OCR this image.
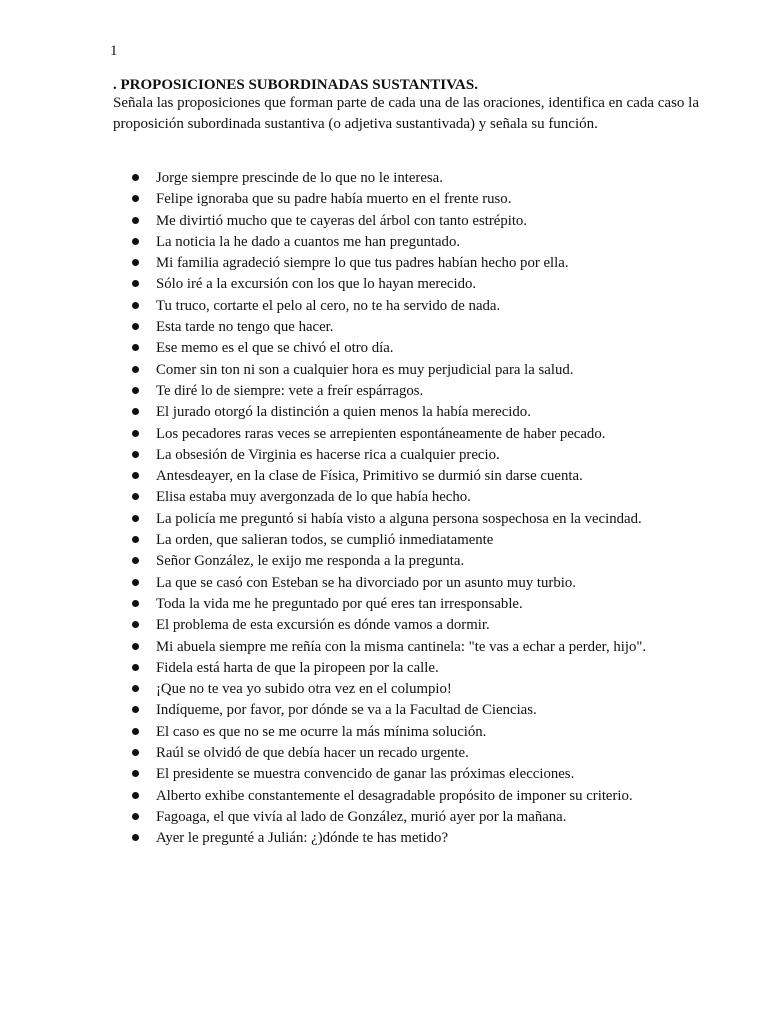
1
. PROPOSICIONES SUBORDINADAS SUSTANTIVAS.
Señala las proposiciones que forman parte de cada una de las oraciones, identifica en cada caso la proposición subordinada sustantiva (o adjetiva sustantivada) y señala su función.
Jorge siempre prescinde de lo que no le interesa.
Felipe ignoraba que su padre había muerto en el frente ruso.
Me divirtió mucho que te cayeras del árbol con tanto estrépito.
La noticia la he dado a cuantos me han preguntado.
Mi familia agradeció siempre lo que tus padres habían hecho por ella.
Sólo iré a la excursión con los que lo hayan merecido.
Tu truco, cortarte el pelo al cero, no te ha servido de nada.
Esta tarde no tengo que hacer.
Ese memo es el que se chivó el otro día.
Comer sin ton ni son a cualquier hora es muy perjudicial para la salud.
Te diré lo de siempre: vete a freír espárragos.
El jurado otorgó la distinción a quien menos la había merecido.
Los pecadores raras veces se arrepienten espontáneamente de haber pecado.
La obsesión de Virginia es hacerse rica a cualquier precio.
Antesdeayer, en la clase de Física, Primitivo se durmió sin darse cuenta.
Elisa estaba muy avergonzada de lo que había hecho.
La policía me preguntó si había visto a alguna persona sospechosa en la vecindad.
La orden, que salieran todos, se cumplió inmediatamente
Señor González, le exijo me responda a la pregunta.
La que se casó con Esteban se ha divorciado por un asunto muy turbio.
Toda la vida me he preguntado por qué eres tan irresponsable.
El problema de esta excursión es dónde vamos a dormir.
Mi abuela siempre me reñía con la misma cantinela: "te vas a echar a perder, hijo".
Fidela está harta de que la piropeen por la calle.
¡Que no te vea yo subido otra vez en el columpio!
Indíqueme, por favor, por dónde se va a la Facultad de Ciencias.
El caso es que no se me ocurre la más mínima solución.
Raúl se olvidó de que debía hacer un recado urgente.
El presidente se muestra convencido de ganar las próximas elecciones.
Alberto exhibe constantemente el desagradable propósito de imponer su criterio.
Fagoaga, el que vivía al lado de González, murió ayer por la mañana.
Ayer le pregunté a Julián: ¿)dónde te has metido?
